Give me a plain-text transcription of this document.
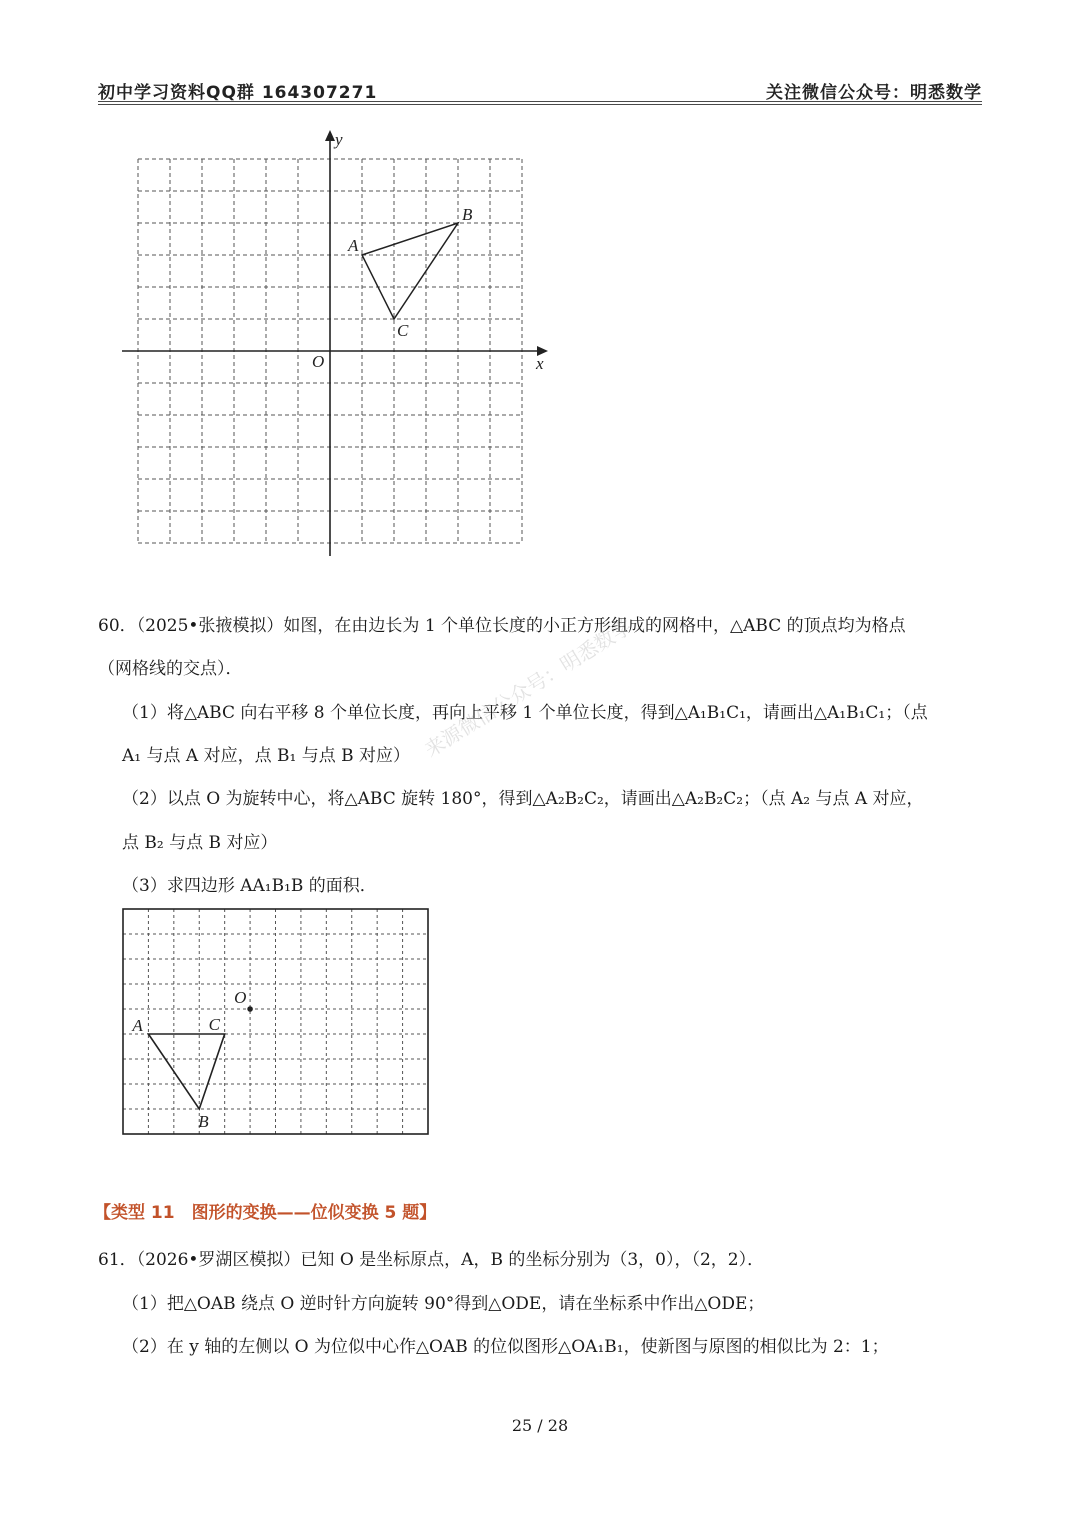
初中学习资料QQ群 164307271	关注微信公众号：明悉数学
y
x
O
A
B
C
60．（2025•张掖模拟）如图，在由边长为 1 个单位长度的小正方形组成的网格中，△ABC 的顶点均为格点
（网格线的交点）．
（1）将△ABC 向右平移 8 个单位长度，再向上平移 1 个单位长度，得到△A₁B₁C₁，请画出△A₁B₁C₁；（点
A₁ 与点 A 对应，点 B₁ 与点 B 对应）
（2）以点 O 为旋转中心，将△ABC 旋转 180°，得到△A₂B₂C₂，请画出△A₂B₂C₂；（点 A₂ 与点 A 对应，
点 B₂ 与点 B 对应）
（3）求四边形 AA₁B₁B 的面积．
来源微信公众号：明悉数学
A	C
B
O
【类型 11　图形的变换——位似变换 5 题】
61．（2026•罗湖区模拟）已知 O 是坐标原点，A，B 的坐标分别为（3，0），（2，2）．
（1）把△OAB 绕点 O 逆时针方向旋转 90°得到△ODE，请在坐标系中作出△ODE；
（2）在 y 轴的左侧以 O 为位似中心作△OAB 的位似图形△OA₁B₁，使新图与原图的相似比为 2：1；
25 / 28
